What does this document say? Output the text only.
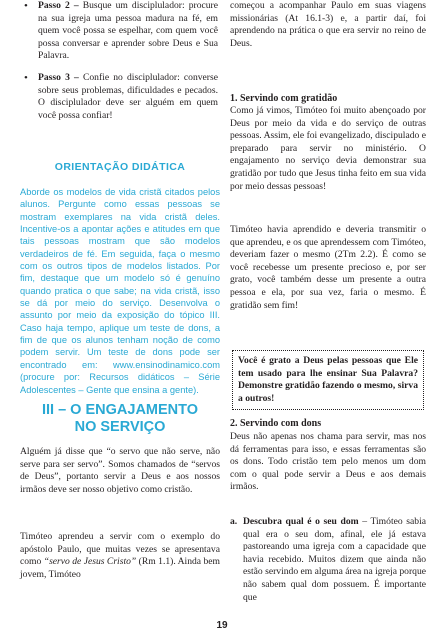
• Passo 2 – Busque um disciplulador: procure na sua igreja uma pessoa madura na fé, em quem você possa se espelhar, com quem você possa conversar e aprender sobre Deus e Sua Palavra.

• Passo 3 – Confie no disciplulador: converse sobre seus problemas, dificuldades e pecados. O disciplulador deve ser alguém em quem você possa confiar!

ORIENTAÇÃO DIDÁTICA

Aborde os modelos de vida cristã citados pelos alunos. Pergunte como essas pessoas se mostram exemplares na vida cristã deles. Incentive-os a apontar ações e atitudes em que tais pessoas mostram que são modelos verdadeiros de fé. Em seguida, faça o mesmo com os outros tipos de modelos listados. Por fim, destaque que um modelo só é genuíno quando pratica o que sabe; na vida cristã, isso se dá por meio do serviço. Desenvolva o assunto por meio da exposição do tópico III. Caso haja tempo, aplique um teste de dons, a fim de que os alunos tenham noção de como podem servir. Um teste de dons pode ser encontrado em: www.ensinodinamico.com (procure por: Recursos didáticos – Série Adolescentes – Gente que ensina a gente).

III – O ENGAJAMENTO

NO SERVIÇO

Alguém já disse que “o servo que não serve, não serve para ser servo”. Somos chamados de “servos de Deus”, portanto servir a Deus e aos nossos irmãos deve ser nosso objetivo como cristão.

Timóteo aprendeu a servir com o exemplo do apóstolo Paulo, que muitas vezes se apresentava como “servo de Jesus Cristo” (Rm 1.1). Ainda bem jovem, Timóteo

começou a acompanhar Paulo em suas viagens missionárias (At 16.1-3) e, a partir daí, foi aprendendo na prática o que era servir no reino de Deus.

1. Servindo com gratidão

Como já vimos, Timóteo foi muito abençoado por Deus por meio da vida e do serviço de outras pessoas. Assim, ele foi evangelizado, discipulado e preparado para servir no ministério. O engajamento no serviço devia demonstrar sua gratidão por tudo que Jesus tinha feito em sua vida por meio dessas pessoas!

Timóteo havia aprendido e deveria transmitir o que aprendeu, e os que aprendessem com Timóteo, deveriam fazer o mesmo (2Tm 2.2). É como se você recebesse um presente precioso e, por ser grato, você também desse um presente a outra pessoa e ela, por sua vez, faria o mesmo. É gratidão sem fim!

Você é grato a Deus pelas pessoas que Ele tem usado para lhe ensinar Sua Palavra? Demonstre gratidão fazendo o mesmo, sirva a outros!

2. Servindo com dons

Deus não apenas nos chama para servir, mas nos dá ferramentas para isso, e essas ferramentas são os dons. Todo cristão tem pelo menos um dom com o qual pode servir a Deus e aos demais irmãos.

a. Descubra qual é o seu dom – Timóteo sabia qual era o seu dom, afinal, ele já estava pastoreando uma igreja com a capacidade que havia recebido. Muitos dizem que ainda não estão servindo em alguma área na igreja porque não sabem qual dom possuem. É importante que

19
